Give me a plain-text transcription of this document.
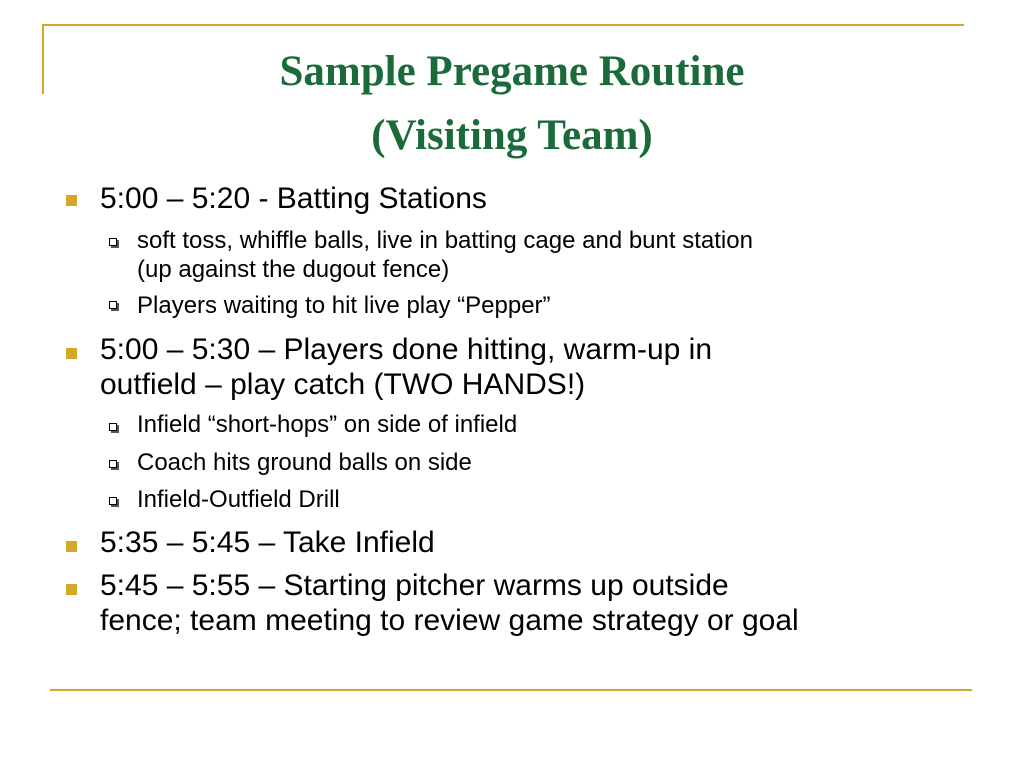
Sample Pregame Routine
(Visiting Team)
5:00 – 5:20 - Batting Stations
soft toss, whiffle balls, live in batting cage and bunt station
(up against the dugout fence)
Players waiting to hit live play “Pepper”
5:00 – 5:30 – Players done hitting, warm-up in
outfield – play catch (TWO HANDS!)
Infield “short-hops” on side of infield
Coach hits ground balls on side
Infield-Outfield Drill
5:35 – 5:45 – Take Infield
5:45 – 5:55 – Starting pitcher warms up outside
fence; team meeting to review game strategy or goal
